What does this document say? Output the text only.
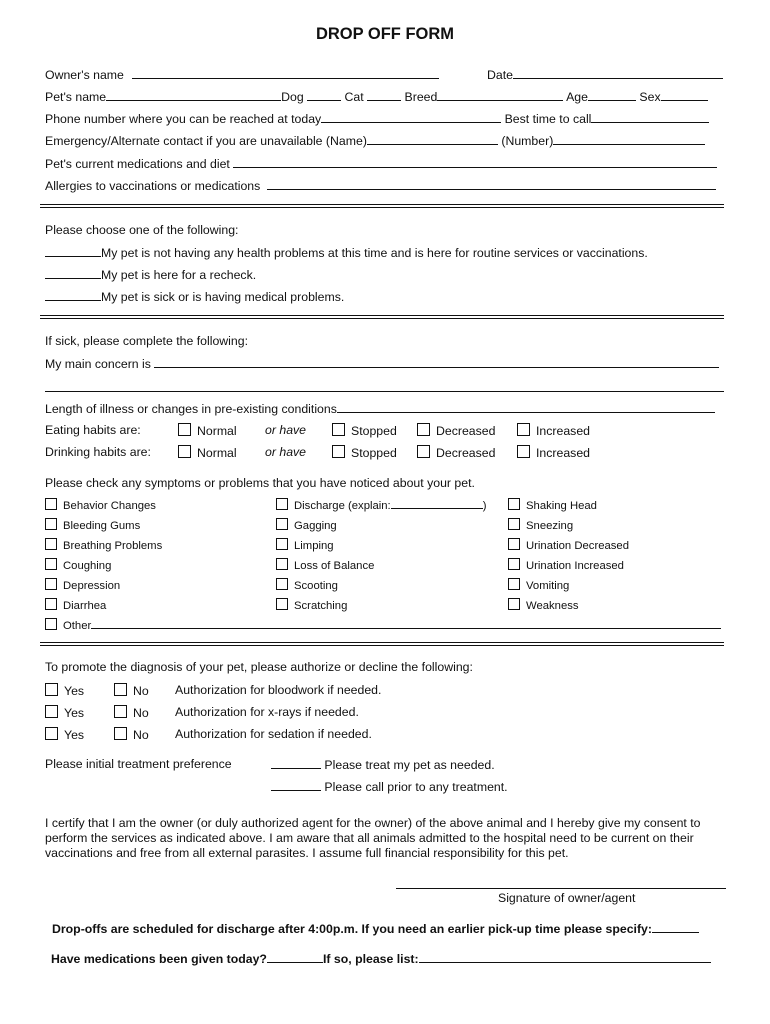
DROP OFF FORM
Owner's name	Date
Pet's name	Dog	Cat	Breed	Age	Sex
Phone number where you can be reached at today	Best time to call
Emergency/Alternate contact if you are unavailable (Name)	(Number)
Pet's current medications and diet
Allergies to vaccinations or medications
Please choose one of the following:
My pet is not having any health problems at this time and is here for routine services or vaccinations.
My pet is here for a recheck.
My pet is sick or is having medical problems.
If sick, please complete the following:
My main concern is
Length of illness or changes in pre-existing conditions
Eating habits are:	Normal or have	Stopped	Decreased	Increased
Drinking habits are:	Normal or have	Stopped	Decreased	Increased
Please check any symptoms or problems that you have noticed about your pet.
Behavior Changes
Bleeding Gums
Breathing Problems
Coughing
Depression
Diarrhea
Discharge (explain:	)
Gagging
Limping
Loss of Balance
Scooting
Scratching
Shaking Head
Sneezing
Urination Decreased
Urination Increased
Vomiting
Weakness
Other
To promote the diagnosis of your pet, please authorize or decline the following:
Yes	No Authorization for bloodwork if needed.
Yes	No Authorization for x-rays if needed.
Yes	No Authorization for sedation if needed.
Please initial treatment preference	Please treat my pet as needed.
Please call prior to any treatment.
I certify that I am the owner (or duly authorized agent for the owner) of the above animal and I hereby give my consent to perform the services as indicated above. I am aware that all animals admitted to the hospital need to be current on their vaccinations and free from all external parasites. I assume full financial responsibility for this pet.
Signature of owner/agent
Drop-offs are scheduled for discharge after 4:00p.m. If you need an earlier pick-up time please specify:
Have medications been given today?	If so, please list:
